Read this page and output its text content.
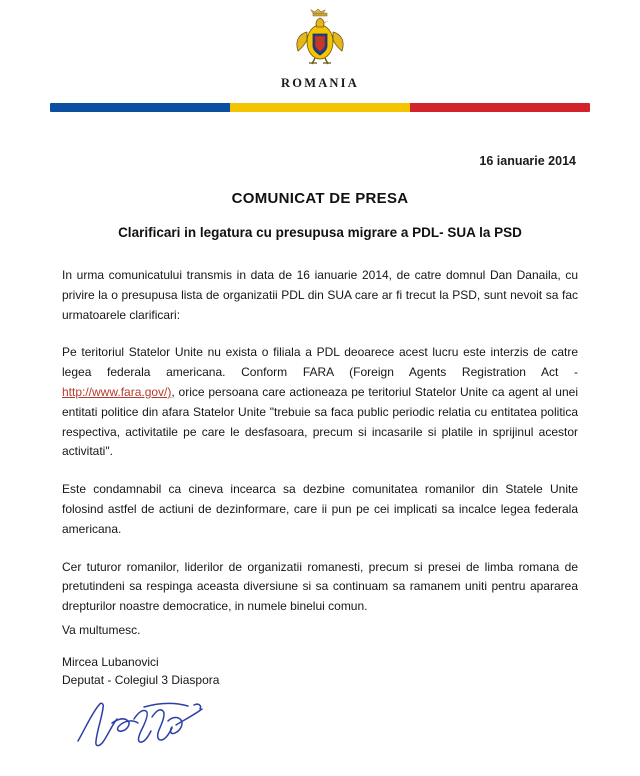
ROMANIA
16 ianuarie 2014
COMUNICAT DE PRESA
Clarificari in legatura cu presupusa migrare a PDL- SUA la PSD

In urma comunicatului transmis in data de 16 ianuarie 2014, de catre domnul Dan Danaila, cu privire la o presupusa lista de organizatii PDL din SUA care ar fi trecut la PSD, sunt nevoit sa fac urmatoarele clarificari:

Pe teritoriul Statelor Unite nu exista o filiala a PDL deoarece acest lucru este interzis de catre legea federala americana. Conform FARA (Foreign Agents Registration Act - http://www.fara.gov/), orice persoana care actioneaza pe teritoriul Statelor Unite ca agent al unei entitati politice din afara Statelor Unite "trebuie sa faca public periodic relatia cu entitatea politica respectiva, activitatile pe care le desfasoara, precum si incasarile si platile in sprijinul acestor activitati".

Este condamnabil ca cineva incearca sa dezbine comunitatea romanilor din Statele Unite folosind astfel de actiuni de dezinformare, care ii pun pe cei implicati sa incalce legea federala americana.

Cer tuturor romanilor, liderilor de organizatii romanesti, precum si presei de limba romana de pretutindeni sa respinga aceasta diversiune si sa continuam sa ramanem uniti pentru apararea drepturilor noastre democratice, in numele binelui comun.

Va multumesc.
Mircea Lubanovici
Deputat - Colegiul 3 Diaspora
